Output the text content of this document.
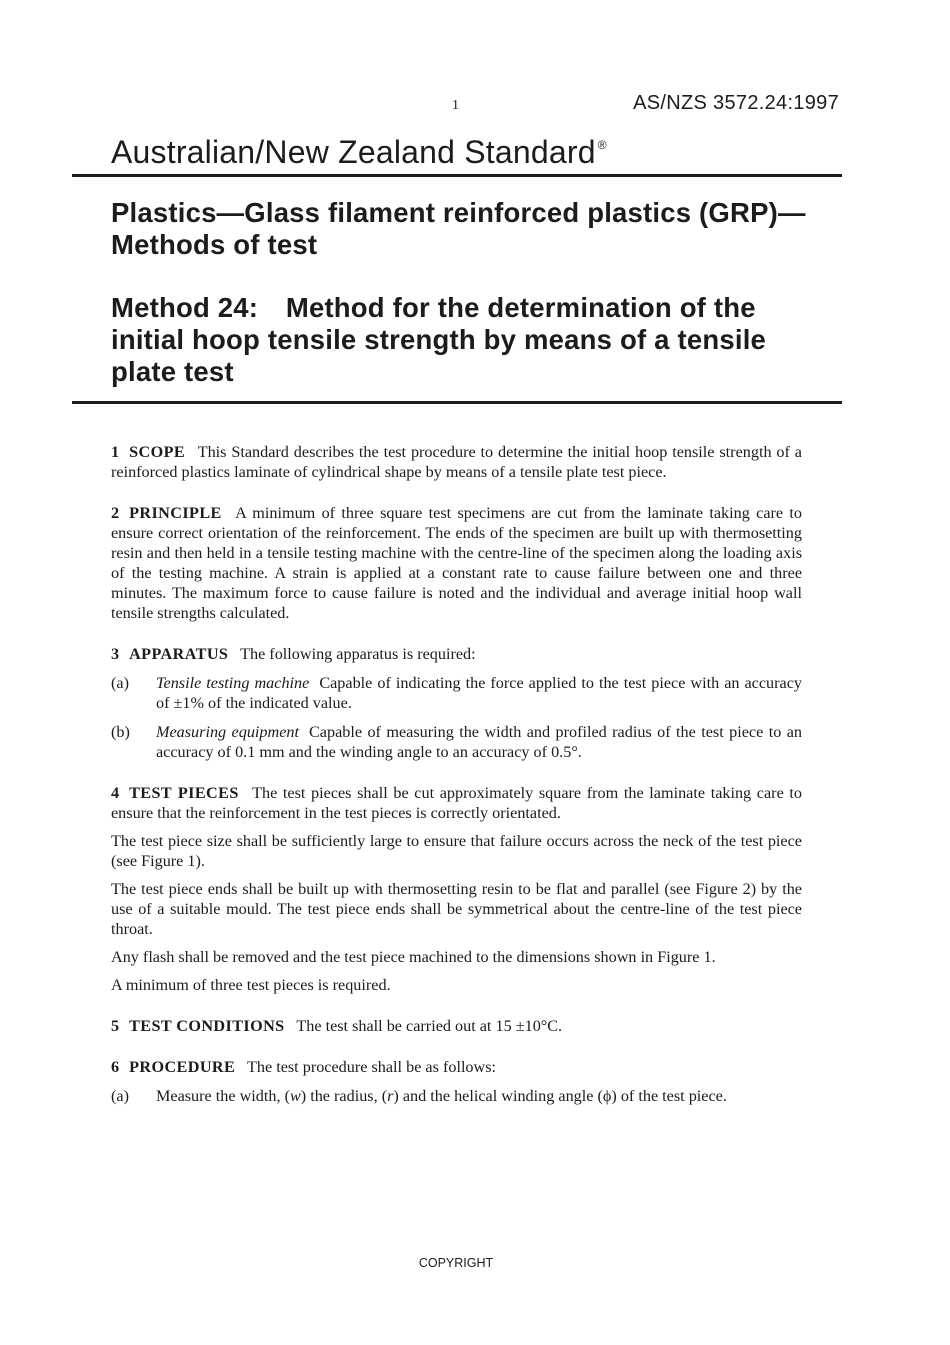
1	AS/NZS 3572.24:1997
Australian/New Zealand Standard ®
Plastics—Glass filament reinforced plastics (GRP)—Methods of test
Method 24: Method for the determination of the initial hoop tensile strength by means of a tensile plate test

1 SCOPE This Standard describes the test procedure to determine the initial hoop tensile strength of a reinforced plastics laminate of cylindrical shape by means of a tensile plate test piece.

2 PRINCIPLE A minimum of three square test specimens are cut from the laminate taking care to ensure correct orientation of the reinforcement. The ends of the specimen are built up with thermosetting resin and then held in a tensile testing machine with the centre-line of the specimen along the loading axis of the testing machine. A strain is applied at a constant rate to cause failure between one and three minutes. The maximum force to cause failure is noted and the individual and average initial hoop wall tensile strengths calculated.

3 APPARATUS The following apparatus is required:

(a)	Tensile testing machine Capable of indicating the force applied to the test piece with an accuracy of ±1% of the indicated value.
(b)	Measuring equipment Capable of measuring the width and profiled radius of the test piece to an accuracy of 0.1 mm and the winding angle to an accuracy of 0.5°.

4 TEST PIECES The test pieces shall be cut approximately square from the laminate taking care to ensure that the reinforcement in the test pieces is correctly orientated.

The test piece size shall be sufficiently large to ensure that failure occurs across the neck of the test piece (see Figure 1).

The test piece ends shall be built up with thermosetting resin to be flat and parallel (see Figure 2) by the use of a suitable mould. The test piece ends shall be symmetrical about the centre-line of the test piece throat.

Any flash shall be removed and the test piece machined to the dimensions shown in Figure 1.

A minimum of three test pieces is required.

5 TEST CONDITIONS The test shall be carried out at 15 ±10°C.

6 PROCEDURE The test procedure shall be as follows:

(a)	Measure the width, (w) the radius, (r) and the helical winding angle (ϕ) of the test piece.
COPYRIGHT
